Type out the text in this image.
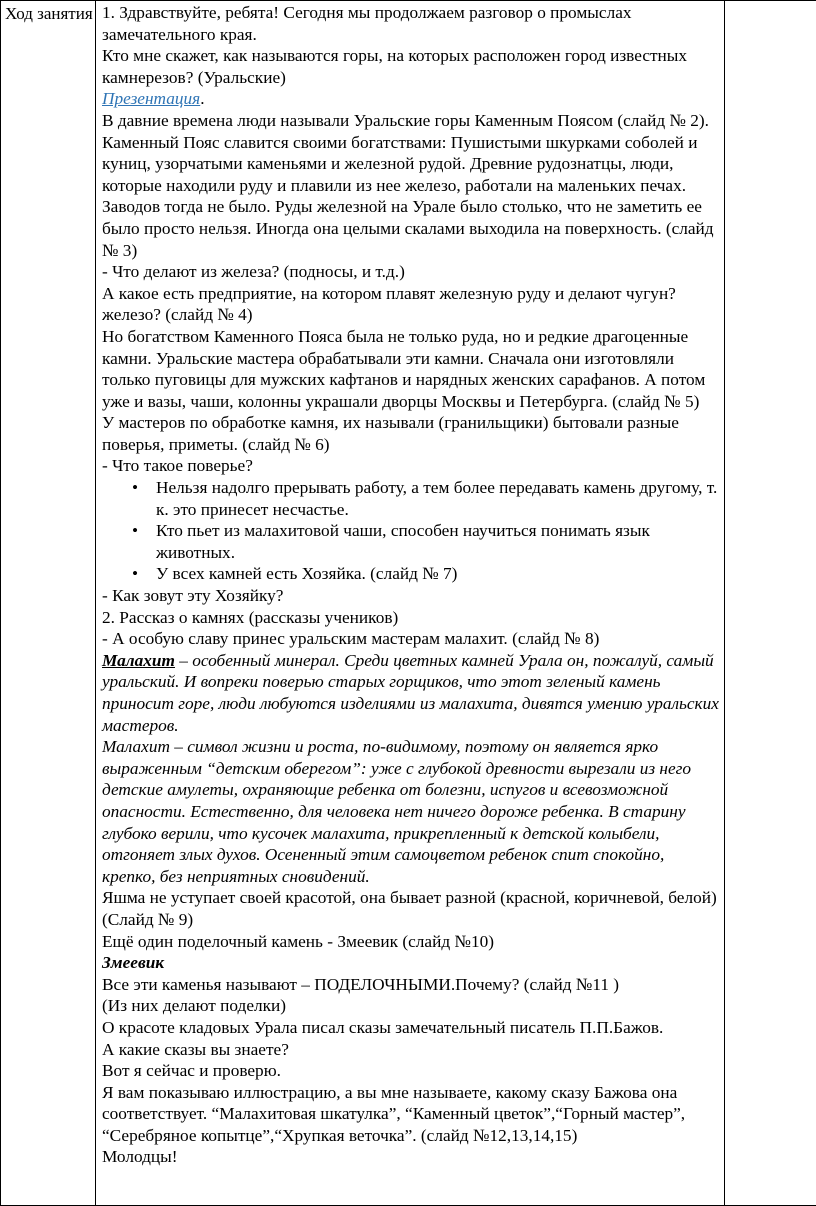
Ход занятия	1. Здравствуйте, ребята! Сегодня мы продолжаем разговор о промыслах замечательного края.

Кто мне скажет, как называются горы, на которых расположен город известных камнерезов? (Уральские)

Презентация.

В давние времена люди называли Уральские горы Каменным Поясом (слайд № 2). Каменный Пояс славится своими богатствами: Пушистыми шкурками соболей и куниц, узорчатыми каменьями и железной рудой. Древние рудознатцы, люди, которые находили руду и плавили из нее железо, работали на маленьких печах. Заводов тогда не было. Руды железной на Урале было столько, что не заметить ее было просто нельзя. Иногда она целыми скалами выходила на поверхность. (слайд № 3)

- Что делают из железа? (подносы, и т.д.)

А какое есть предприятие, на котором плавят железную руду и делают чугун? железо? (слайд № 4)

Но богатством Каменного Пояса была не только руда, но и редкие драгоценные камни. Уральские мастера обрабатывали эти камни. Сначала они изготовляли только пуговицы для мужских кафтанов и нарядных женских сарафанов. А потом уже и вазы, чаши, колонны украшали дворцы Москвы и Петербурга. (слайд № 5)

У мастеров по обработке камня, их называли (гранильщики) бытовали разные поверья, приметы. (слайд № 6)

- Что такое поверье?

• Нельзя надолго прерывать работу, а тем более передавать камень другому, т. к. это принесет несчастье.
• Кто пьет из малахитовой чаши, способен научиться понимать язык животных.
• У всех камней есть Хозяйка. (слайд № 7)

- Как зовут эту Хозяйку?

2. Рассказ о камнях (рассказы учеников)

- А особую славу принес уральским мастерам малахит. (слайд № 8)

Малахит – особенный минерал. Среди цветных камней Урала он, пожалуй, самый уральский. И вопреки поверью старых горщиков, что этот зеленый камень приносит горе, люди любуются изделиями из малахита, дивятся умению уральских мастеров.

Малахит – символ жизни и роста, по-видимому, поэтому он является ярко выраженным “детским оберегом”: уже с глубокой древности вырезали из него детские амулеты, охраняющие ребенка от болезни, испугов и всевозможной опасности. Естественно, для человека нет ничего дороже ребенка. В старину глубоко верили, что кусочек малахита, прикрепленный к детской колыбели, отгоняет злых духов. Осененный этим самоцветом ребенок спит спокойно, крепко, без неприятных сновидений.

Яшма не уступает своей красотой, она бывает разной (красной, коричневой, белой) (Слайд № 9)

Ещё один поделочный камень - Змеевик (слайд №10)

Змеевик

Все эти каменья называют – ПОДЕЛОЧНЫМИ.Почему? (слайд №11 )

(Из них делают поделки)

О красоте кладовых Урала писал сказы замечательный писатель П.П.Бажов.

А какие сказы вы знаете?

Вот я сейчас и проверю.

Я вам показываю иллюстрацию, а вы мне называете, какому сказу Бажова она соответствует. “Малахитовая шкатулка”, “Каменный цветок”,“Горный мастер”, “Серебряное копытце”,“Хрупкая веточка”. (слайд №12,13,14,15)

Молодцы!
